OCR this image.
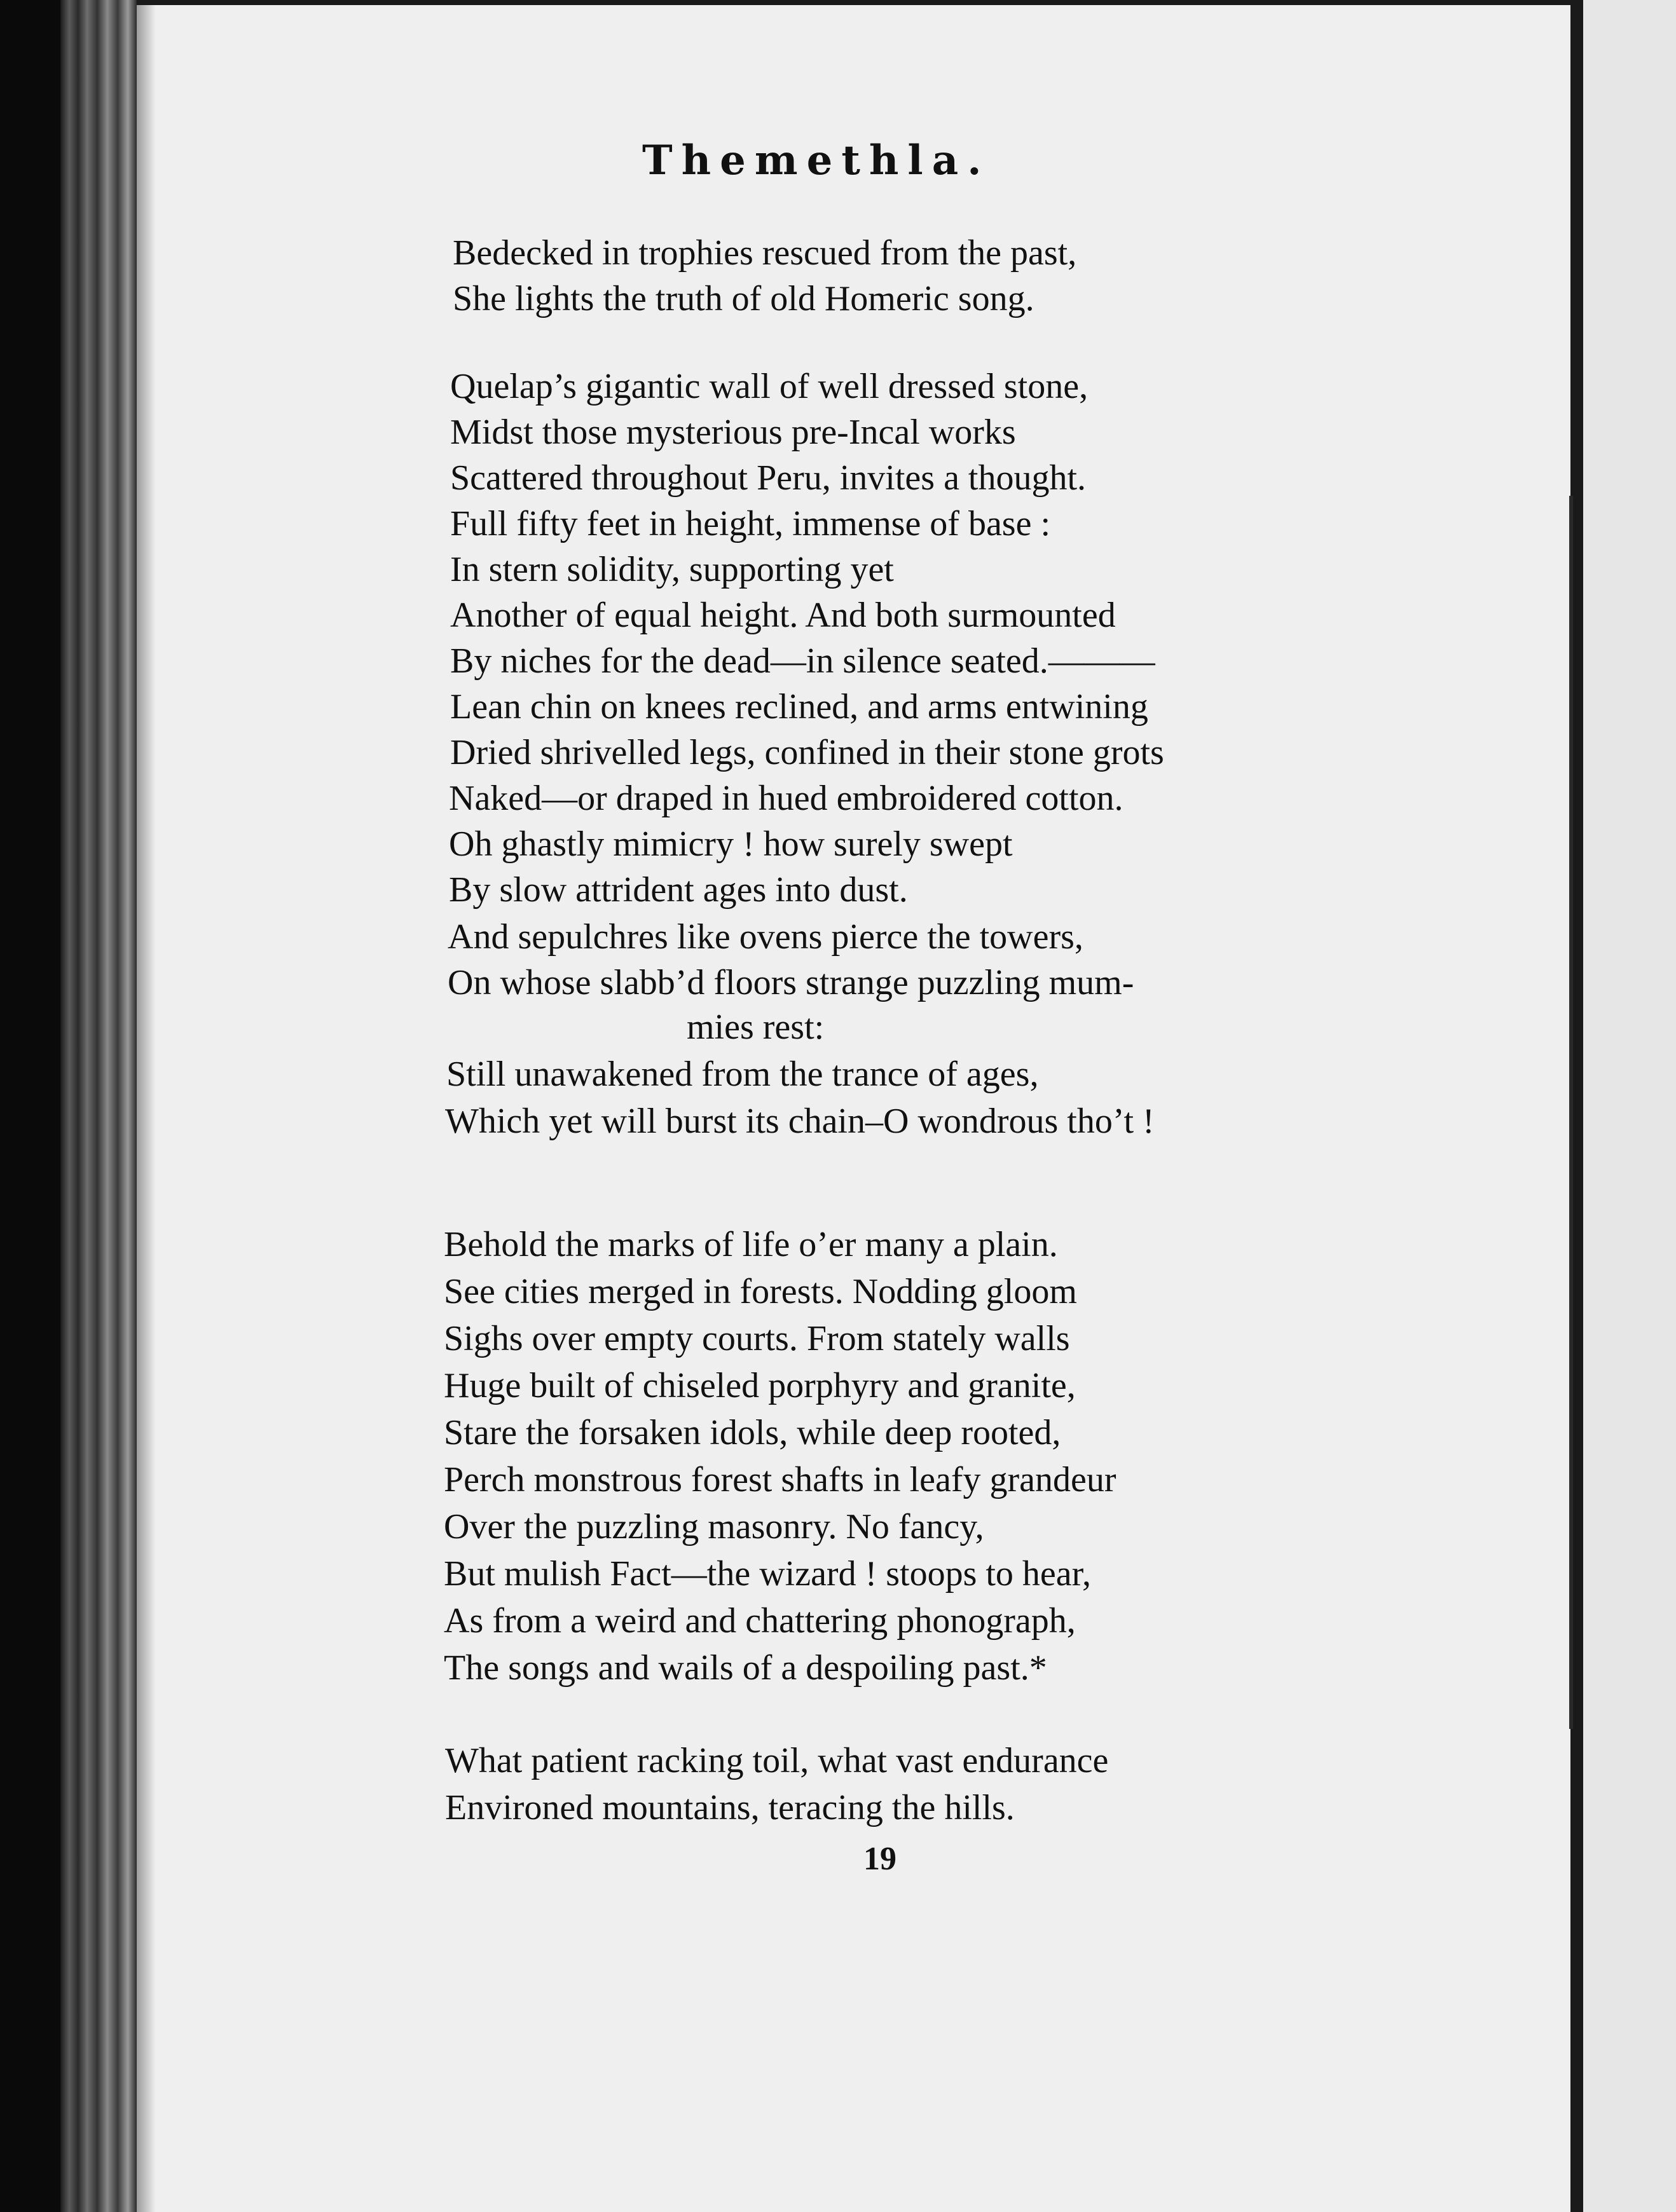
Themethla.
Bedecked in trophies rescued from the past,
She lights the truth of old Homeric song.
Quelap’s gigantic wall of well dressed stone,
Midst those mysterious pre-Incal works
Scattered throughout Peru, invites a thought.
Full fifty feet in height, immense of base :
In stern solidity, supporting yet
Another of equal height. And both surmounted
By niches for the dead—in silence seated.———
Lean chin on knees reclined, and arms entwining
Dried shrivelled legs, confined in their stone grots
Naked—or draped in hued embroidered cotton.
Oh ghastly mimicry ! how surely swept
By slow attrident ages into dust.
And sepulchres like ovens pierce the towers,
On whose slabb’d floors strange puzzling mum-
mies rest:
Still unawakened from the trance of ages,
Which yet will burst its chain–O wondrous tho’t !
Behold the marks of life o’er many a plain.
See cities merged in forests. Nodding gloom
Sighs over empty courts. From stately walls
Huge built of chiseled porphyry and granite,
Stare the forsaken idols, while deep rooted,
Perch monstrous forest shafts in leafy grandeur
Over the puzzling masonry. No fancy,
But mulish Fact—the wizard ! stoops to hear,
As from a weird and chattering phonograph,
The songs and wails of a despoiling past.*
What patient racking toil, what vast endurance
Environed mountains, teracing the hills.
19
